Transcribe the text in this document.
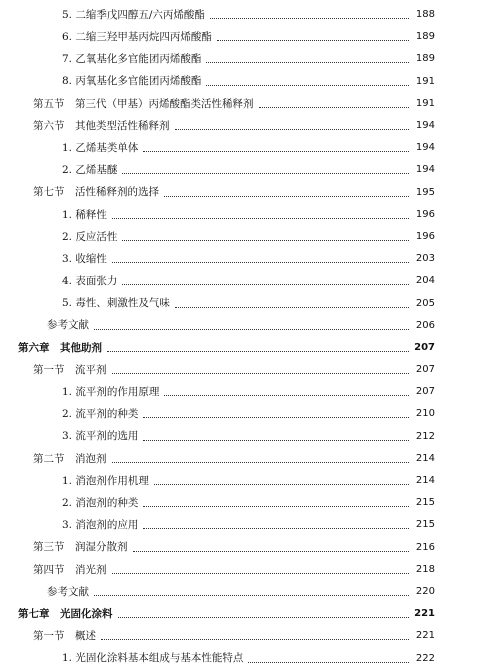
5. 二缩季戊四醇五/六丙烯酸酯	188
6. 二缩三羟甲基丙烷四丙烯酸酯	189
7. 乙氧基化多官能团丙烯酸酯	189
8. 丙氧基化多官能团丙烯酸酯	191
第五节　第三代（甲基）丙烯酸酯类活性稀释剂	191
第六节　其他类型活性稀释剂	194
1. 乙烯基类单体	194
2. 乙烯基醚	194
第七节　活性稀释剂的选择	195
1. 稀释性	196
2. 反应活性	196
3. 收缩性	203
4. 表面张力	204
5. 毒性、刺激性及气味	205
参考文献	206
第六章　其他助剂	207
第一节　流平剂	207
1. 流平剂的作用原理	207
2. 流平剂的种类	210
3. 流平剂的选用	212
第二节　消泡剂	214
1. 消泡剂作用机理	214
2. 消泡剂的种类	215
3. 消泡剂的应用	215
第三节　润湿分散剂	216
第四节　消光剂	218
参考文献	220
第七章　光固化涂料	221
第一节　概述	221
1. 光固化涂料基本组成与基本性能特点	222
